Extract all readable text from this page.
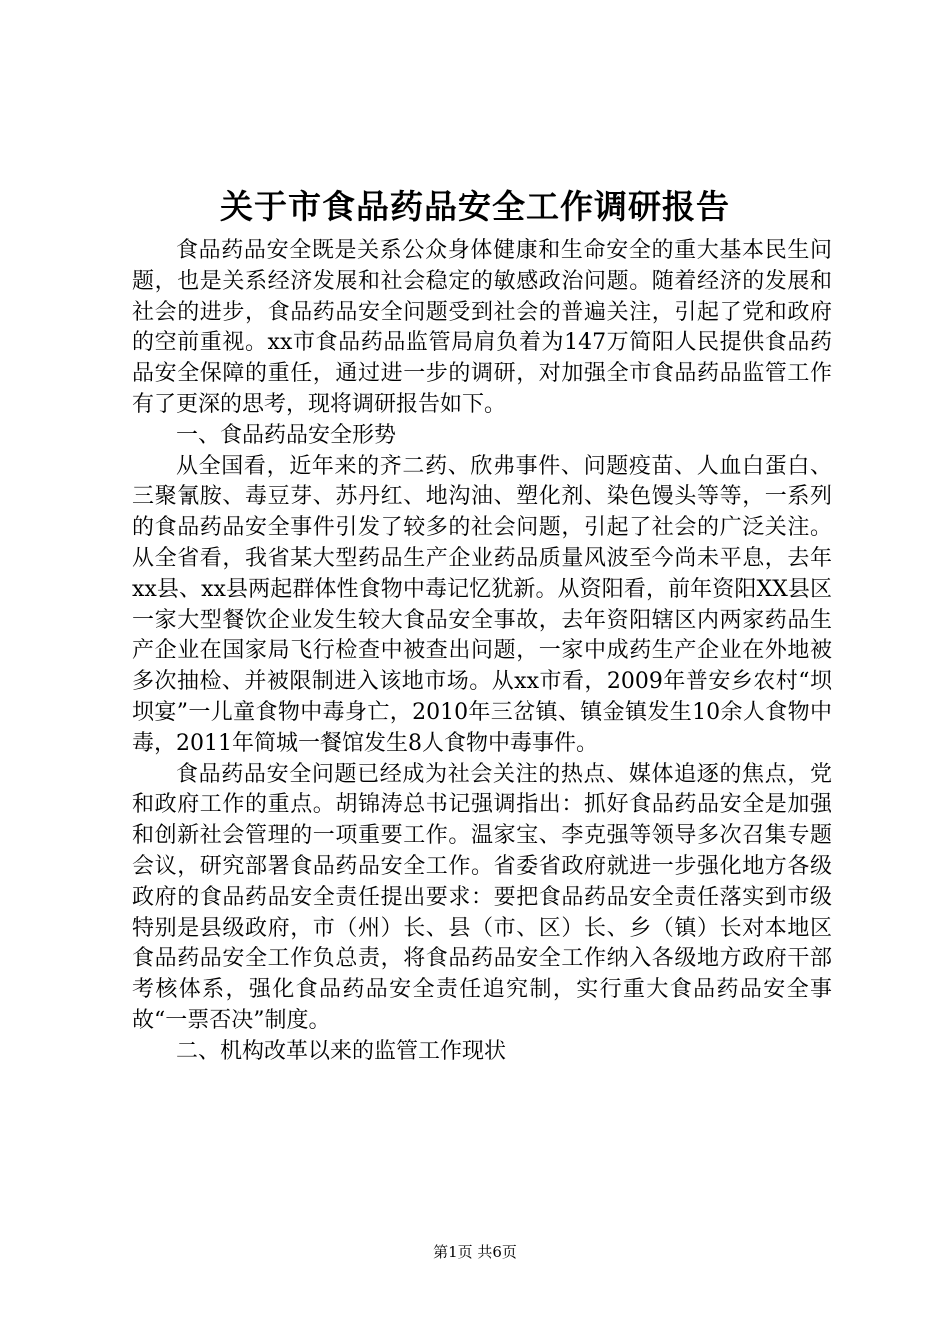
关于市食品药品安全工作调研报告

食品药品安全既是关系公众身体健康和生命安全的重大基本民生问题，也是关系经济发展和社会稳定的敏感政治问题。随着经济的发展和社会的进步，食品药品安全问题受到社会的普遍关注，引起了党和政府的空前重视。xx市食品药品监管局肩负着为147万简阳人民提供食品药品安全保障的重任，通过进一步的调研，对加强全市食品药品监管工作有了更深的思考，现将调研报告如下。

一、食品药品安全形势

从全国看，近年来的齐二药、欣弗事件、问题疫苗、人血白蛋白、三聚氰胺、毒豆芽、苏丹红、地沟油、塑化剂、染色馒头等等，一系列的食品药品安全事件引发了较多的社会问题，引起了社会的广泛关注。从全省看，我省某大型药品生产企业药品质量风波至今尚未平息，去年xx县、xx县两起群体性食物中毒记忆犹新。从资阳看，前年资阳XX县区一家大型餐饮企业发生较大食品安全事故，去年资阳辖区内两家药品生产企业在国家局飞行检查中被查出问题，一家中成药生产企业在外地被多次抽检、并被限制进入该地市场。从xx市看，2009年普安乡农村“坝坝宴”一儿童食物中毒身亡，2010年三岔镇、镇金镇发生10余人食物中毒，2011年简城一餐馆发生8人食物中毒事件。

食品药品安全问题已经成为社会关注的热点、媒体追逐的焦点，党和政府工作的重点。胡锦涛总书记强调指出：抓好食品药品安全是加强和创新社会管理的一项重要工作。温家宝、李克强等领导多次召集专题会议，研究部署食品药品安全工作。省委省政府就进一步强化地方各级政府的食品药品安全责任提出要求：要把食品药品安全责任落实到市级特别是县级政府，市（州）长、县（市、区）长、乡（镇）长对本地区食品药品安全工作负总责，将食品药品安全工作纳入各级地方政府干部考核体系，强化食品药品安全责任追究制，实行重大食品药品安全事故“一票否决”制度。

二、机构改革以来的监管工作现状

第1页 共6页
